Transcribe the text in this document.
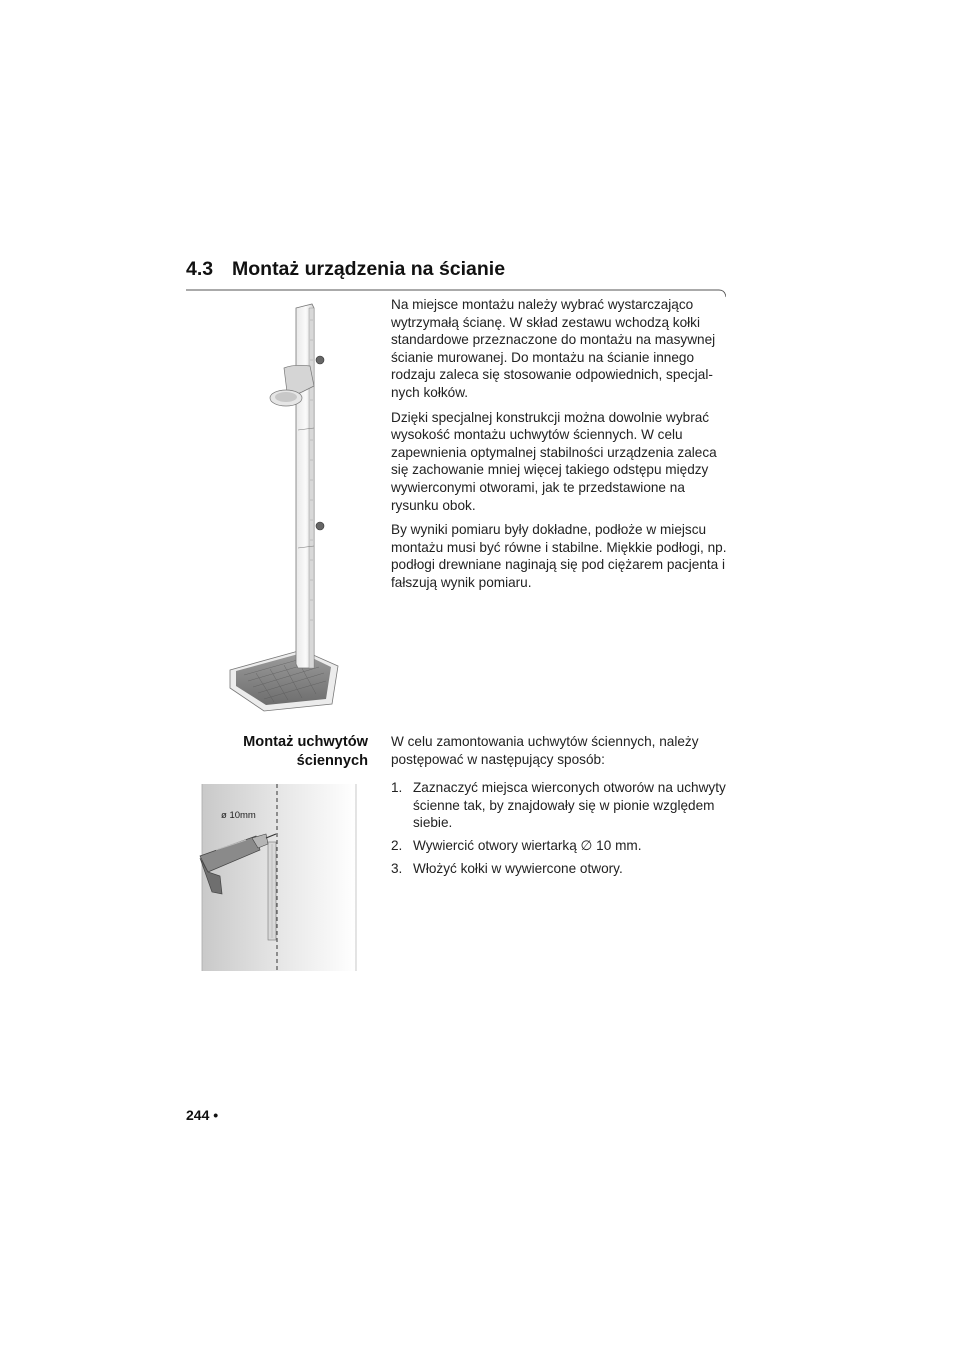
4.3 Montaż urządzenia na ścianie

Na miejsce montażu należy wybrać wystarczająco wytrzymałą ścianę. W skład zestawu wchodzą kołki standardowe przeznaczone do montażu na masywnej ścianie murowanej. Do montażu na ścianie innego rodzaju zaleca się stosowanie odpowiednich, specjalnych kołków.

Dzięki specjalnej konstrukcji można dowolnie wybrać wysokość montażu uchwytów ściennych. W celu zapewnienia optymalnej stabilności urządzenia zaleca się zachowanie mniej więcej takiego odstępu między wywierconymi otworami, jak te przedstawione na rysunku obok.

By wyniki pomiaru były dokładne, podłoże w miejscu montażu musi być równe i stabilne. Miękkie podłogi, np. podłogi drewniane naginają się pod ciężarem pacjenta i fałszują wynik pomiaru.

Montaż uchwytów
ściennych

W celu zamontowania uchwytów ściennych, należy postępować w następujący sposób:

1. Zaznaczyć miejsca wierconych otworów na uchwyty ścienne tak, by znajdowały się w pionie względem siebie.
2. Wywiercić otwory wiertarką ∅ 10 mm.
3. Włożyć kołki w wywiercone otwory.
ø 10mm
244 •
